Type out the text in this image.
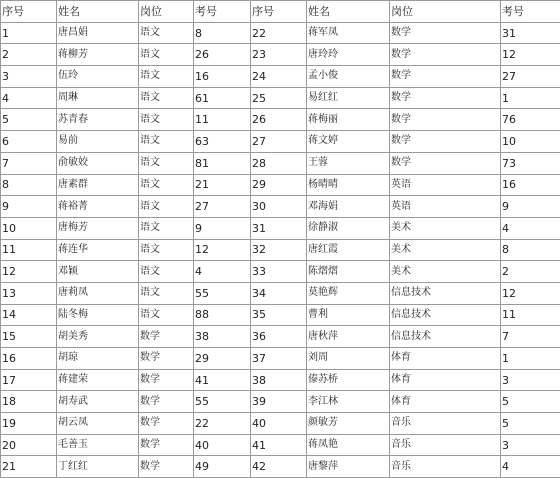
序号	姓名	岗位	考号	序号	姓名	岗位	考号
1	唐昌娟	语文	8	22	蒋军凤	数学	31
2	蒋柳芳	语文	26	23	唐玲玲	数学	12
3	伍玲	语文	16	24	孟小俊	数学	27
4	周琳	语文	61	25	易红红	数学	1
5	苏青春	语文	11	26	蒋梅丽	数学	76
6	易前	语文	63	27	蒋文婷	数学	10
7	俞敏姣	语文	81	28	王蓉	数学	73
8	唐素群	语文	21	29	杨晴晴	英语	16
9	蒋裕菁	语文	27	30	邓海娟	英语	9
10	唐梅芳	语文	9	31	徐静淑	美术	4
11	蒋连华	语文	12	32	唐红霞	美术	8
12	邓颖	语文	4	33	陈熠熠	美术	2
13	唐莉凤	语文	55	34	莫艳辉	信息技术	12
14	陆冬梅	语文	88	35	曹利	信息技术	11
15	胡美秀	数学	38	36	唐秋萍	信息技术	7
16	胡琼	数学	29	37	刘周	体育	1
17	蒋建荣	数学	41	38	傣苏桥	体育	3
18	胡寿武	数学	55	39	李江林	体育	5
19	胡云凤	数学	22	40	颜敏芳	音乐	5
20	毛善玉	数学	40	41	蒋凤艳	音乐	3
21	丁红红	数学	49	42	唐黎萍	音乐	4
